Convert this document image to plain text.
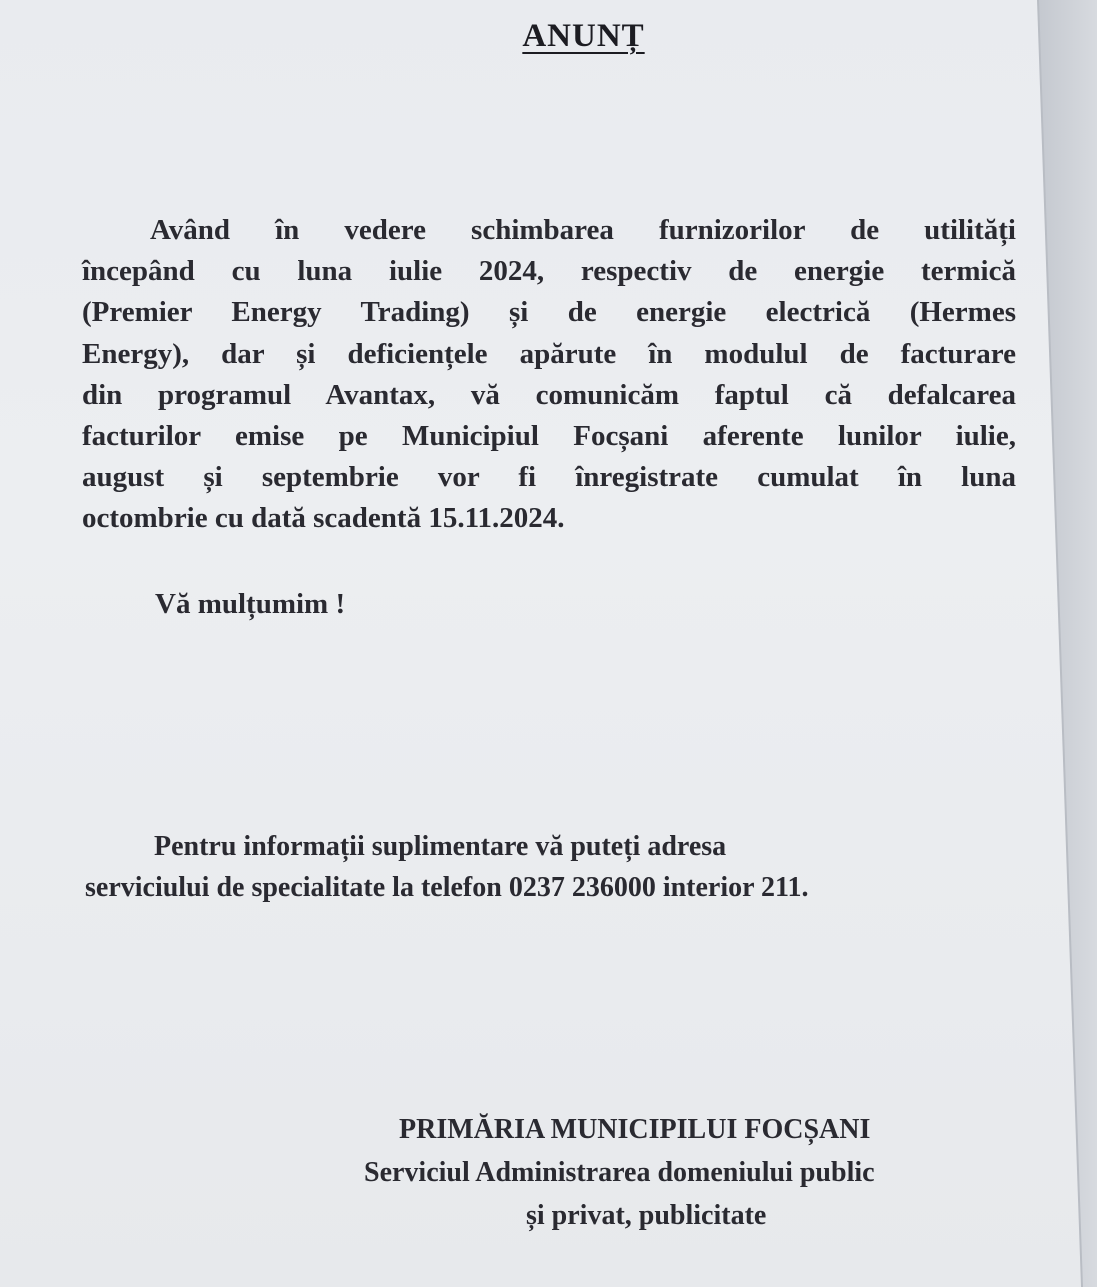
ANUNȚ
Având în vedere schimbarea furnizorilor de utilități
începând cu luna iulie 2024, respectiv de energie termică
(Premier Energy Trading) și de energie electrică (Hermes
Energy), dar și deficiențele apărute în modulul de facturare
din programul Avantax, vă comunicăm faptul că defalcarea
facturilor emise pe Municipiul Focșani aferente lunilor iulie,
august și septembrie vor fi înregistrate cumulat în luna
octombrie cu dată scadentă 15.11.2024.
Vă mulțumim !
Pentru informații suplimentare vă puteți adresa
serviciului de specialitate la telefon 0237 236000 interior 211.
PRIMĂRIA MUNICIPILUI FOCȘANI
Serviciul Administrarea domeniului public
și privat, publicitate
